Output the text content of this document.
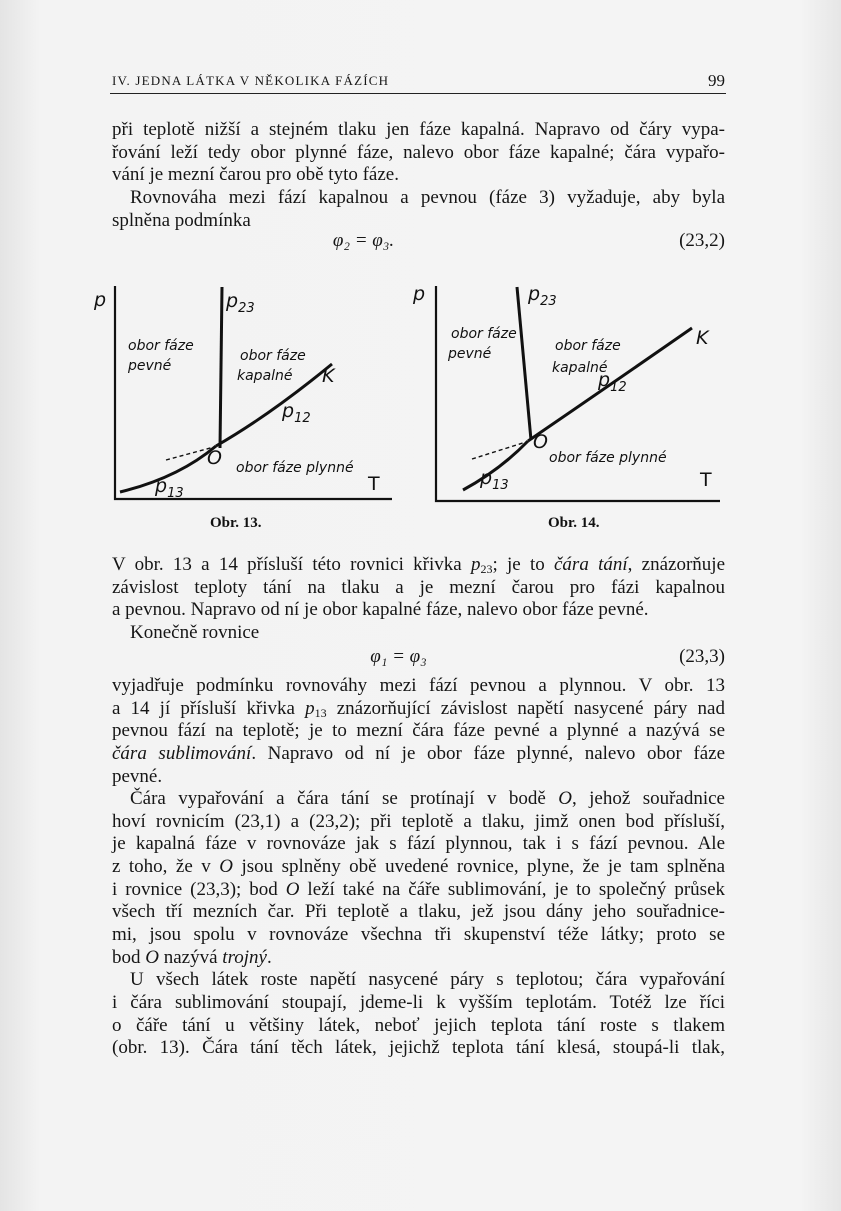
IV. JEDNA LÁTKA V NĚKOLIKA FÁZÍCH	99
při teplotě nižší a stejném tlaku jen fáze kapalná. Napravo od čáry vypa-
řování leží tedy obor plynné fáze, nalevo obor fáze kapalné; čára vypařo-
vání je mezní čarou pro obě tyto fáze.
Rovnováha mezi fází kapalnou a pevnou (fáze 3) vyžaduje, aby byla
splněna podmínka
φ₂ = φ₃.	(23,2)
p
T
$p_{23}$
$p_{12}$
$p_{13}$
K
O
obor fáze
pevné
obor fáze
kapalné
obor fáze plynné
Obr. 13.
p
T
$p_{23}$
$p_{12}$
$p_{13}$
K
O
obor fáze
pevné	obor fáze
kapalné
obor fáze plynné
Obr. 14.
V obr. 13 a 14 přísluší této rovnici křivka $p_{23}$; je to čára tání, znázorňuje
závislost teploty tání na tlaku a je mezní čarou pro fázi kapalnou
a pevnou. Napravo od ní je obor kapalné fáze, nalevo obor fáze pevné.
Konečně rovnice
φ₁ = φ₃	(23,3)
vyjadřuje podmínku rovnováhy mezi fází pevnou a plynnou. V obr. 13
a 14 jí přísluší křivka $p_{13}$ znázorňující závislost napětí nasycené páry nad
pevnou fází na teplotě; je to mezní čára fáze pevné a plynné a nazývá se
čára sublimování. Napravo od ní je obor fáze plynné, nalevo obor fáze
pevné.
Čára vypařování a čára tání se protínají v bodě O, jehož souřadnice
hoví rovnicím (23,1) a (23,2); při teplotě a tlaku, jimž onen bod přísluší,
je kapalná fáze v rovnováze jak s fází plynnou, tak i s fází pevnou. Ale
z toho, že v O jsou splněny obě uvedené rovnice, plyne, že je tam splněna
i rovnice (23,3); bod O leží také na čáře sublimování, je to společný průsek
všech tří mezních čar. Při teplotě a tlaku, jež jsou dány jeho souřadnice-
mi, jsou spolu v rovnováze všechna tři skupenství téže látky; proto se
bod O nazývá trojný.
U všech látek roste napětí nasycené páry s teplotou; čára vypařování
i čára sublimování stoupají, jdeme-li k vyšším teplotám. Totéž lze říci
o čáře tání u většiny látek, neboť jejich teplota tání roste s tlakem
(obr. 13). Čára tání těch látek, jejichž teplota tání klesá, stoupá-li tlak,
